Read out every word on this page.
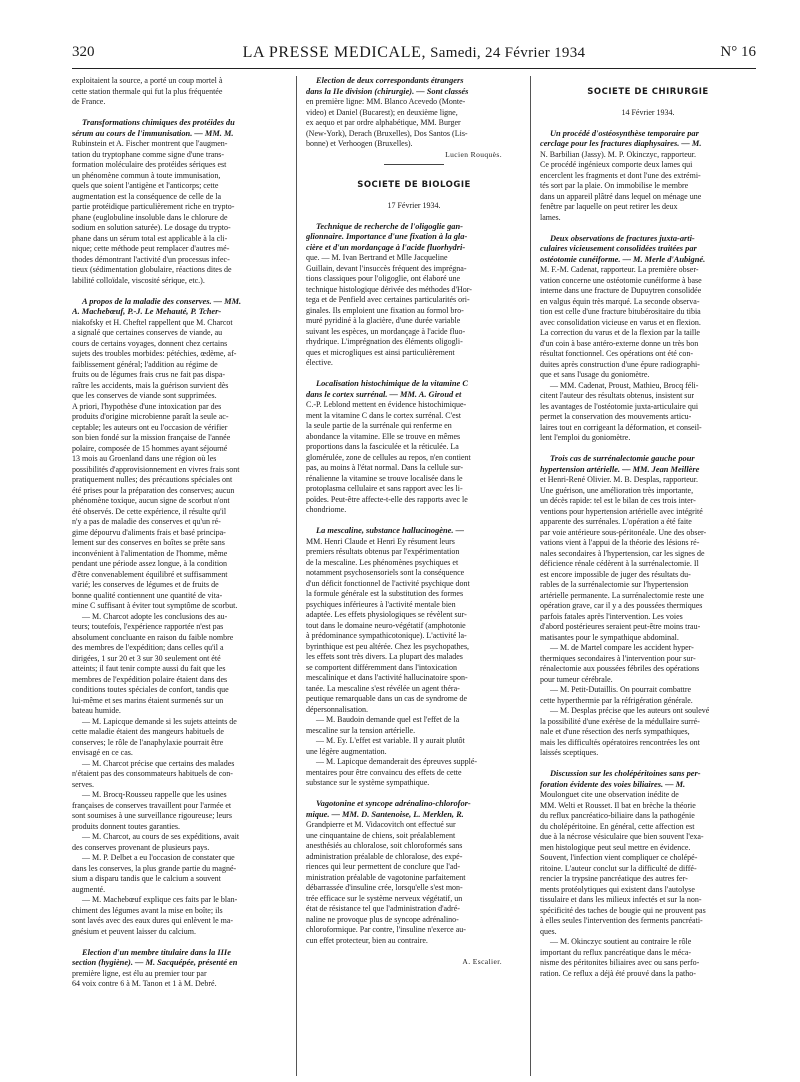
320	LA PRESSE MEDICALE, Samedi, 24 Février 1934	N° 16
exploitaient la source, a porté un coup mortel à
cette station thermale qui fut la plus fréquentée
de France.
Transformations chimiques des protéides du
sérum au cours de l'immunisation. — MM. M.
Rubinstein et A. Fischer montrent que l'augmen-
tation du tryptophane comme signe d'une trans-
formation moléculaire des protéides sériques est
un phénomène commun à toute immunisation,
quels que soient l'antigène et l'anticorps; cette
augmentation est la conséquence de celle de la
partie protéidique particulièrement riche en trypto-
phane (euglobuline insoluble dans le chlorure de
sodium en solution saturée). Le dosage du trypto-
phane dans un sérum total est applicable à la cli-
nique; cette méthode peut remplacer d'autres mé-
thodes démontrant l'activité d'un processus infec-
tieux (sédimentation globulaire, réactions dites de
labilité colloïdale, viscosité sérique, etc.).
A propos de la maladie des conserves. — MM.
A. Machebœuf, P.-J. Le Mehauté, P. Tcher-
niakofsky et H. Cheftel rappellent que M. Charcot
a signalé que certaines conserves de viande, au
cours de certains voyages, donnent chez certains
sujets des troubles morbides: pétéchies, œdème, af-
faiblissement général; l'addition au régime de
fruits ou de légumes frais crus ne fait pas dispa-
raître les accidents, mais la guérison survient dès
que les conserves de viande sont supprimées.
A priori, l'hypothèse d'une intoxication par des
produits d'origine microbienne paraît la seule ac-
ceptable; les auteurs ont eu l'occasion de vérifier
son bien fondé sur la mission française de l'année
polaire, composée de 15 hommes ayant séjourné
13 mois au Groenland dans une région où les
possibilités d'approvisionnement en vivres frais sont
pratiquement nulles; des précautions spéciales ont
été prises pour la préparation des conserves; aucun
phénomène toxique, aucun signe de scorbut n'ont
été observés. De cette expérience, il résulte qu'il
n'y a pas de maladie des conserves et qu'un ré-
gime dépourvu d'aliments frais et basé principa-
lement sur des conserves en boîtes se prête sans
inconvénient à l'alimentation de l'homme, même
pendant une période assez longue, à la condition
d'être convenablement équilibré et suffisamment
varié; les conserves de légumes et de fruits de
bonne qualité contiennent une quantité de vita-
mine C suffisant à éviter tout symptôme de scorbut.
— M. Charcot adopte les conclusions des au-
teurs; toutefois, l'expérience rapportée n'est pas
absolument concluante en raison du faible nombre
des membres de l'expédition; dans celles qu'il a
dirigées, 1 sur 20 et 3 sur 30 seulement ont été
atteints; il faut tenir compte aussi du fait que les
membres de l'expédition polaire étaient dans des
conditions toutes spéciales de confort, tandis que
lui-même et ses marins étaient surmenés sur un
bateau humide.
— M. Lapicque demande si les sujets atteints de
cette maladie étaient des mangeurs habituels de
conserves; le rôle de l'anaphylaxie pourrait être
envisagé en ce cas.
— M. Charcot précise que certains des malades
n'étaient pas des consommateurs habituels de con-
serves.
— M. Brocq-Rousseu rappelle que les usines
françaises de conserves travaillent pour l'armée et
sont soumises à une surveillance rigoureuse; leurs
produits donnent toutes garanties.
— M. Charcot, au cours de ses expéditions, avait
des conserves provenant de plusieurs pays.
— M. P. Delbet a eu l'occasion de constater que
dans les conserves, la plus grande partie du magné-
sium a disparu tandis que le calcium a souvent
augmenté.
— M. Machebœuf explique ces faits par le blan-
chiment des légumes avant la mise en boîte; ils
sont lavés avec des eaux dures qui enlèvent le ma-
gnésium et peuvent laisser du calcium.
Election d'un membre titulaire dans la IIIe
section (hygiène). — M. Sacquépée, présenté en
première ligne, est élu au premier tour par
64 voix contre 6 à M. Tanon et 1 à M. Debré.
Election de deux correspondants étrangers
dans la IIe division (chirurgie). — Sont classés
en première ligne: MM. Blanco Acevedo (Monte-
video) et Daniel (Bucarest); en deuxième ligne,
ex aequo et par ordre alphabétique, MM. Burger
(New-York), Derach (Bruxelles), Dos Santos (Lis-
bonne) et Verhoogen (Bruxelles).
Lucien Rouquès.
SOCIÉTÉ DE BIOLOGIE
17 Février 1934.
Technique de recherche de l'oligoglie gan-
glionnaire. Importance d'une fixation à la gla-
cière et d'un mordançage à l'acide fluorhydri-
que. — M. Ivan Bertrand et Mlle Jacqueline
Guillain, devant l'insuccès fréquent des imprégna-
tions classiques pour l'oligoglie, ont élaboré une
technique histologique dérivée des méthodes d'Hor-
tega et de Penfield avec certaines particularités ori-
ginales. Ils emploient une fixation au formol bro-
muré pyridiné à la glacière, d'une durée variable
suivant les espèces, un mordançage à l'acide fluo-
rhydrique. L'imprégnation des éléments oligogli-
ques et microgliques est ainsi particulièrement
élective.
Localisation histochimique de la vitamine C
dans le cortex surrénal. — MM. A. Giroud et
C.-P. Leblond mettent en évidence histochimique-
ment la vitamine C dans le cortex surrénal. C'est
la seule partie de la surrénale qui renferme en
abondance la vitamine. Elle se trouve en mêmes
proportions dans la fasciculée et la réticulée. La
glomérulée, zone de cellules au repos, n'en contient
pas, au moins à l'état normal. Dans la cellule sur-
rénalienne la vitamine se trouve localisée dans le
protoplasma cellulaire et sans rapport avec les li-
poïdes. Peut-être affecte-t-elle des rapports avec le
chondriome.
La mescaline, substance hallucinogène. —
MM. Henri Claude et Henri Ey résument leurs
premiers résultats obtenus par l'expérimentation
de la mescaline. Les phénomènes psychiques et
notamment psychosensoriels sont la conséquence
d'un déficit fonctionnel de l'activité psychique dont
la formule générale est la substitution des formes
psychiques inférieures à l'activité mentale bien
adaptée. Les effets physiologiques se révèlent sur-
tout dans le domaine neuro-végétatif (amphotonie
à prédominance sympathicotonique). L'activité la-
byrinthique est peu altérée. Chez les psychopathes,
les effets sont très divers. La plupart des malades
se comportent différemment dans l'intoxication
mescalinique et dans l'activité hallucinatoire spon-
tanée. La mescaline s'est révélée un agent théra-
peutique remarquable dans un cas de syndrome de
dépersonnalisation.
— M. Baudoin demande quel est l'effet de la
mescaline sur la tension artérielle.
— M. Ey. L'effet est variable. Il y aurait plutôt
une légère augmentation.
— M. Lapicque demanderait des épreuves supplé-
mentaires pour être convaincu des effets de cette
substance sur le système sympathique.
Vagotonine et syncope adrénalino-chlorofor-
mique. — MM. D. Santenoise, L. Merklen, R.
Grandpierre et M. Vidacovitch ont effectué sur
une cinquantaine de chiens, soit préalablement
anesthésiés au chloralose, soit chloroformés sans
administration préalable de chloralose, des expé-
riences qui leur permettent de conclure que l'ad-
ministration préalable de vagotonine parfaitement
débarrassée d'insuline crée, lorsqu'elle s'est mon-
trée efficace sur le système nerveux végétatif, un
état de résistance tel que l'administration d'adré-
naline ne provoque plus de syncope adrénalino-
chloroformique. Par contre, l'insuline n'exerce au-
cun effet protecteur, bien au contraire.
A. Escalier.
SOCIÉTÉ DE CHIRURGIE
14 Février 1934.
Un procédé d'ostéosynthèse temporaire par
cerclage pour les fractures diaphysaires. — M.
N. Barbilian (Jassy). M. P. Okinczyc, rapporteur.
Ce procédé ingénieux comporte deux lames qui
encerclent les fragments et dont l'une des extrémi-
tés sort par la plaie. On immobilise le membre
dans un appareil plâtré dans lequel on ménage une
fenêtre par laquelle on peut retirer les deux
lames.
Deux observations de fractures juxta-arti-
culaires vicieusement consolidées traitées par
ostéotomie cunéiforme. — M. Merle d'Aubigné.
M. F.-M. Cadenat, rapporteur. La première obser-
vation concerne une ostéotomie cunéiforme à base
interne dans une fracture de Dupuytren consolidée
en valgus équin très marqué. La seconde observa-
tion est celle d'une fracture bitubérositaire du tibia
avec consolidation vicieuse en varus et en flexion.
La correction du varus et de la flexion par la taille
d'un coin à base antéro-externe donne un très bon
résultat fonctionnel. Ces opérations ont été con-
duites après construction d'une épure radiographi-
que et sans l'usage du goniomètre.
— MM. Cadenat, Proust, Mathieu, Brocq féli-
citent l'auteur des résultats obtenus, insistent sur
les avantages de l'ostéotomie juxta-articulaire qui
permet la conservation des mouvements articu-
laires tout en corrigeant la déformation, et conseil-
lent l'emploi du goniomètre.
Trois cas de surrénalectomie gauche pour
hypertension artérielle. — MM. Jean Meillère
et Henri-René Olivier. M. B. Desplas, rapporteur.
Une guérison, une amélioration très importante,
un décès rapide: tel est le bilan de ces trois inter-
ventions pour hypertension artérielle avec intégrité
apparente des surrénales. L'opération a été faite
par voie antérieure sous-péritonéale. Une des obser-
vations vient à l'appui de la théorie des lésions ré-
nales secondaires à l'hypertension, car les signes de
déficience rénale cédèrent à la surrénalectomie. Il
est encore impossible de juger des résultats du-
rables de la surrénalectomie sur l'hypertension
artérielle permanente. La surrénalectomie reste une
opération grave, car il y a des poussées thermiques
parfois fatales après l'intervention. Les voies
d'abord postérieures seraient peut-être moins trau-
matisantes pour le sympathique abdominal.
— M. de Martel compare les accident hyper-
thermiques secondaires à l'intervention pour sur-
rénalectomie aux poussées fébriles des opérations
pour tumeur cérébrale.
— M. Petit-Dutaillis. On pourrait combattre
cette hyperthermie par la réfrigération générale.
— M. Desplas précise que les auteurs ont soulevé
la possibilité d'une exérèse de la médullaire surré-
nale et d'une résection des nerfs sympathiques,
mais les difficultés opératoires rencontrées les ont
laissés sceptiques.
Discussion sur les cholépéritoines sans per-
foration évidente des voies biliaires. — M.
Moulonguet cite une observation inédite de
MM. Welti et Rousset. Il bat en brèche la théorie
du reflux pancréatico-biliaire dans la pathogénie
du cholépéritoine. En général, cette affection est
due à la nécrose vésiculaire que bien souvent l'exa-
men histologique peut seul mettre en évidence.
Souvent, l'infection vient compliquer ce cholépé-
ritoine. L'auteur conclut sur la difficulté de diffé-
rencier la trypsine pancréatique des autres fer-
ments protéolytiques qui existent dans l'autolyse
tissulaire et dans les milieux infectés et sur la non-
spécificité des taches de bougie qui ne prouvent pas
à elles seules l'intervention des ferments pancréati-
ques.
— M. Okinczyc soutient au contraire le rôle
important du reflux pancréatique dans le méca-
nisme des péritonites biliaires avec ou sans perfo-
ration. Ce reflux a déjà été prouvé dans la patho-
